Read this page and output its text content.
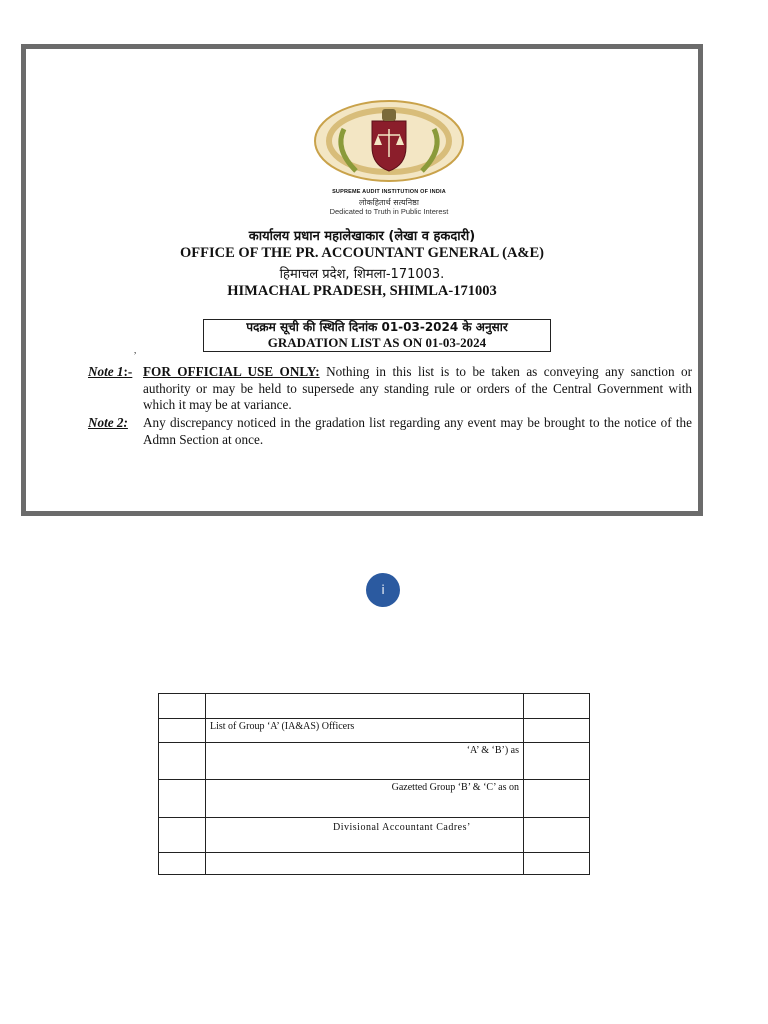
SUPREME AUDIT INSTITUTION OF INDIA
लोकहितार्थ सत्यनिष्ठा
Dedicated to Truth in Public Interest
कार्यालय प्रधान महालेखाकार (लेखा व हकदारी)
OFFICE OF THE PR. ACCOUNTANT GENERAL (A&E)
हिमाचल प्रदेश, शिमला-171003.
HIMACHAL PRADESH, SHIMLA-171003
पदक्रम सूची की स्थिति दिनांक 01-03-2024 के अनुसार
GRADATION LIST AS ON 01-03-2024
,
Note 1:- FOR OFFICIAL USE ONLY: Nothing in this list is to be taken as conveying any sanction or authority or may be held to supersede any standing rule or orders of the Central Government with which it may be at variance.
Note 2: Any discrepancy noticed in the gradation list regarding any event may be brought to the notice of the Admn Section at once.
i

	List of Group ‘A’ (IA&AS) Officers	
	‘A’ & ‘B’) as	
	Gazetted Group ‘B’ & ‘C’ as on	
	Divisional Accountant Cadres’	
